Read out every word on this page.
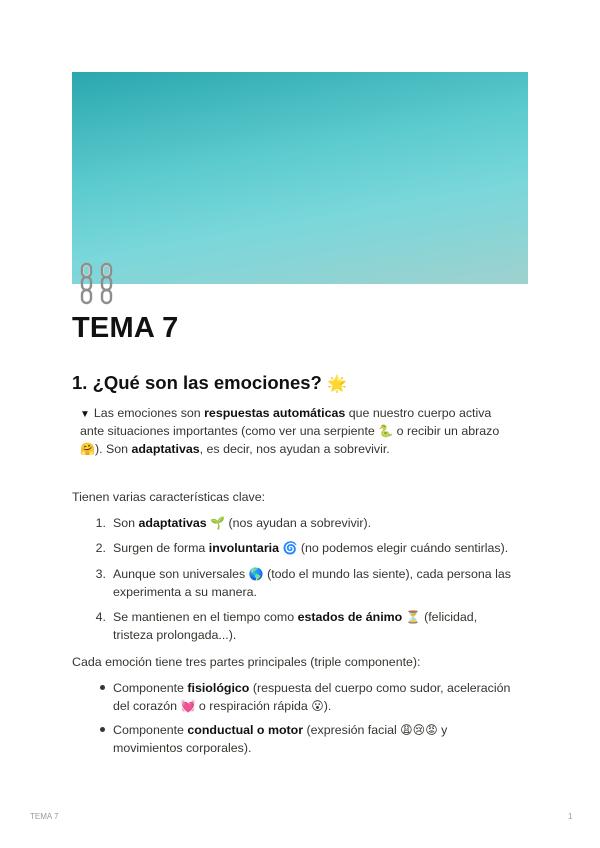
TEMA 7
1. ¿Qué son las emociones? 🌟

▼ Las emociones son respuestas automáticas que nuestro cuerpo activa

ante situaciones importantes (como ver una serpiente 🐍 o recibir un abrazo

🤗). Son adaptativas, es decir, nos ayudan a sobrevivir.

Tienen varias características clave:

1. Son adaptativas 🌱 (nos ayudan a sobrevivir).

2. Surgen de forma involuntaria 🌀 (no podemos elegir cuándo sentirlas).

3. Aunque son universales 🌎 (todo el mundo las siente), cada persona las

experimenta a su manera.

4. Se mantienen en el tiempo como estados de ánimo ⏳ (felicidad,

tristeza prolongada...).

Cada emoción tiene tres partes principales (triple componente):

Componente fisiológico (respuesta del cuerpo como sudor, aceleración

del corazón 💓 o respiración rápida 😮).

Componente conductual o motor (expresión facial 😩😢😡 y

movimientos corporales).

TEMA 7	1
